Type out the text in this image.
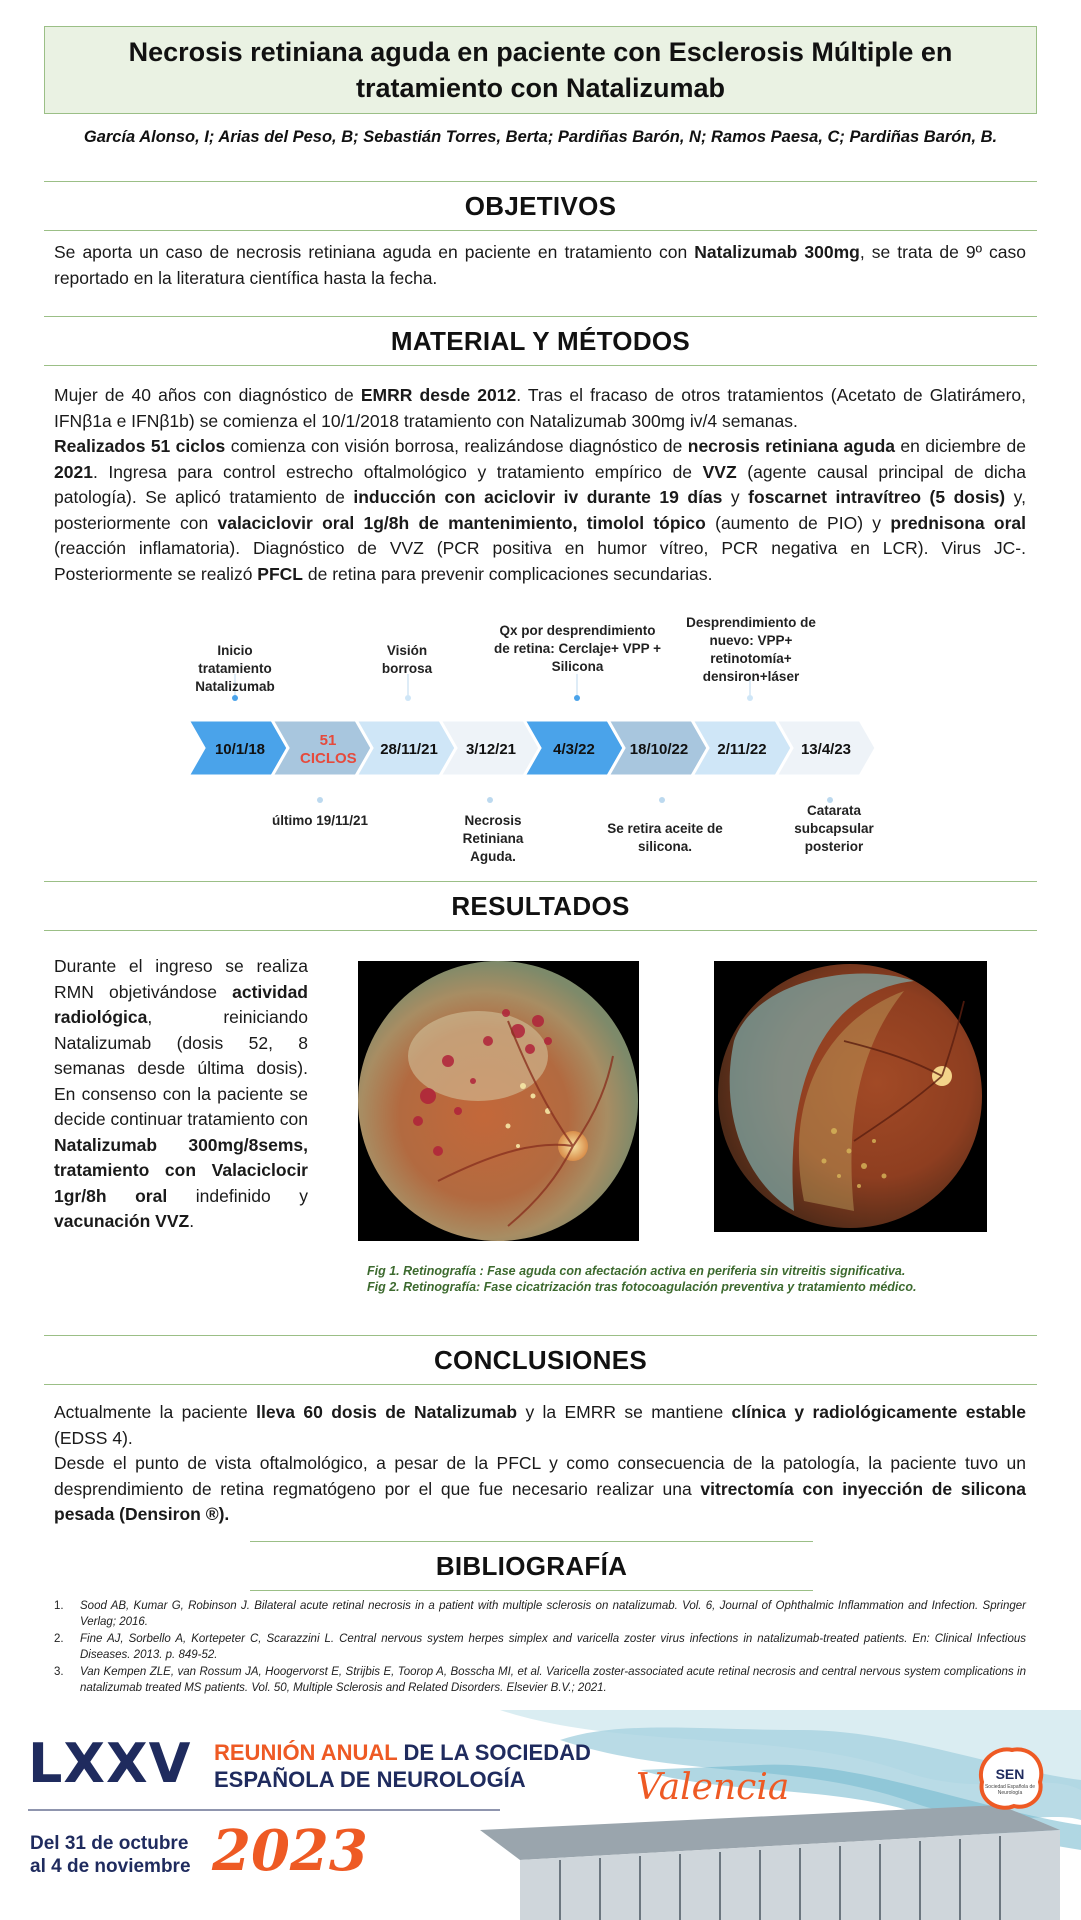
Necrosis retiniana aguda en paciente con Esclerosis Múltiple en tratamiento con Natalizumab
García Alonso, I; Arias del Peso, B; Sebastián Torres, Berta; Pardiñas Barón, N; Ramos Paesa, C; Pardiñas Barón, B.
OBJETIVOS

Se aporta un caso de necrosis retiniana aguda en paciente en tratamiento con Natalizumab 300mg, se trata de 9º caso reportado en la literatura científica hasta la fecha.

MATERIAL Y MÉTODOS

Mujer de 40 años con diagnóstico de EMRR desde 2012. Tras el fracaso de otros tratamientos (Acetato de Glatirámero, IFNβ1a e IFNβ1b) se comienza el 10/1/2018 tratamiento con Natalizumab 300mg iv/4 semanas.
Realizados 51 ciclos comienza con visión borrosa, realizándose diagnóstico de necrosis retiniana aguda en diciembre de 2021. Ingresa para control estrecho oftalmológico y tratamiento empírico de VVZ (agente causal principal de dicha patología). Se aplicó tratamiento de inducción con aciclovir iv durante 19 días y foscarnet intravítreo (5 dosis) y, posteriormente con valaciclovir oral 1g/8h de mantenimiento, timolol tópico (aumento de PIO) y prednisona oral (reacción inflamatoria). Diagnóstico de VVZ (PCR positiva en humor vítreo, PCR negativa en LCR). Virus JC-. Posteriormente se realizó PFCL de retina para prevenir complicaciones secundarias.

Inicio tratamiento Natalizumab
Visión borrosa
Qx por desprendimiento de retina: Cerclaje+ VPP + Silicona
Desprendimiento de nuevo: VPP+ retinotomía+ densiron+láser
último 19/11/21	Necrosis Retiniana Aguda.
Se retira aceite de silicona.
Catarata subcapsular posterior
10/1/18
51 CICLOS
28/11/21	3/12/21	4/3/22	18/10/22	2/11/22	13/4/23
RESULTADOS

Durante el ingreso se realiza RMN objetivándose actividad radiológica, reiniciando Natalizumab (dosis 52, 8 semanas desde última dosis). En consenso con la paciente se decide continuar tratamiento con Natalizumab 300mg/8sems, tratamiento con Valaciclocir 1gr/8h oral indefinido y vacunación VVZ.

Fig 1. Retinografía : Fase aguda con afectación activa en periferia sin vitreitis significativa.
Fig 2. Retinografía: Fase cicatrización tras fotocoagulación preventiva y tratamiento médico.
CONCLUSIONES

Actualmente la paciente lleva 60 dosis de Natalizumab y la EMRR se mantiene clínica y radiológicamente estable (EDSS 4).
Desde el punto de vista oftalmológico, a pesar de la PFCL y como consecuencia de la patología, la paciente tuvo un desprendimiento de retina regmatógeno por el que fue necesario realizar una vitrectomía con inyección de silicona pesada (Densiron ®).

BIBLIOGRAFÍA
1.	Sood AB, Kumar G, Robinson J. Bilateral acute retinal necrosis in a patient with multiple sclerosis on natalizumab. Vol. 6, Journal of Ophthalmic Inflammation and Infection. Springer Verlag; 2016.
2.	Fine AJ, Sorbello A, Kortepeter C, Scarazzini L. Central nervous system herpes simplex and varicella zoster virus infections in natalizumab-treated patients. En: Clinical Infectious Diseases. 2013. p. 849-52.
3.	Van Kempen ZLE, van Rossum JA, Hoogervorst E, Strijbis E, Toorop A, Bosscha MI, et al. Varicella zoster-associated acute retinal necrosis and central nervous system complications in natalizumab treated MS patients. Vol. 50, Multiple Sclerosis and Related Disorders. Elsevier B.V.; 2021.
LXXV REUNIÓN ANUAL DE LA SOCIEDAD
ESPAÑOLA DE NEUROLOGÍA	Valencia
Del 31 de octubre
al 4 de noviembre 2023
SEN
Sociedad Española de Neurología
